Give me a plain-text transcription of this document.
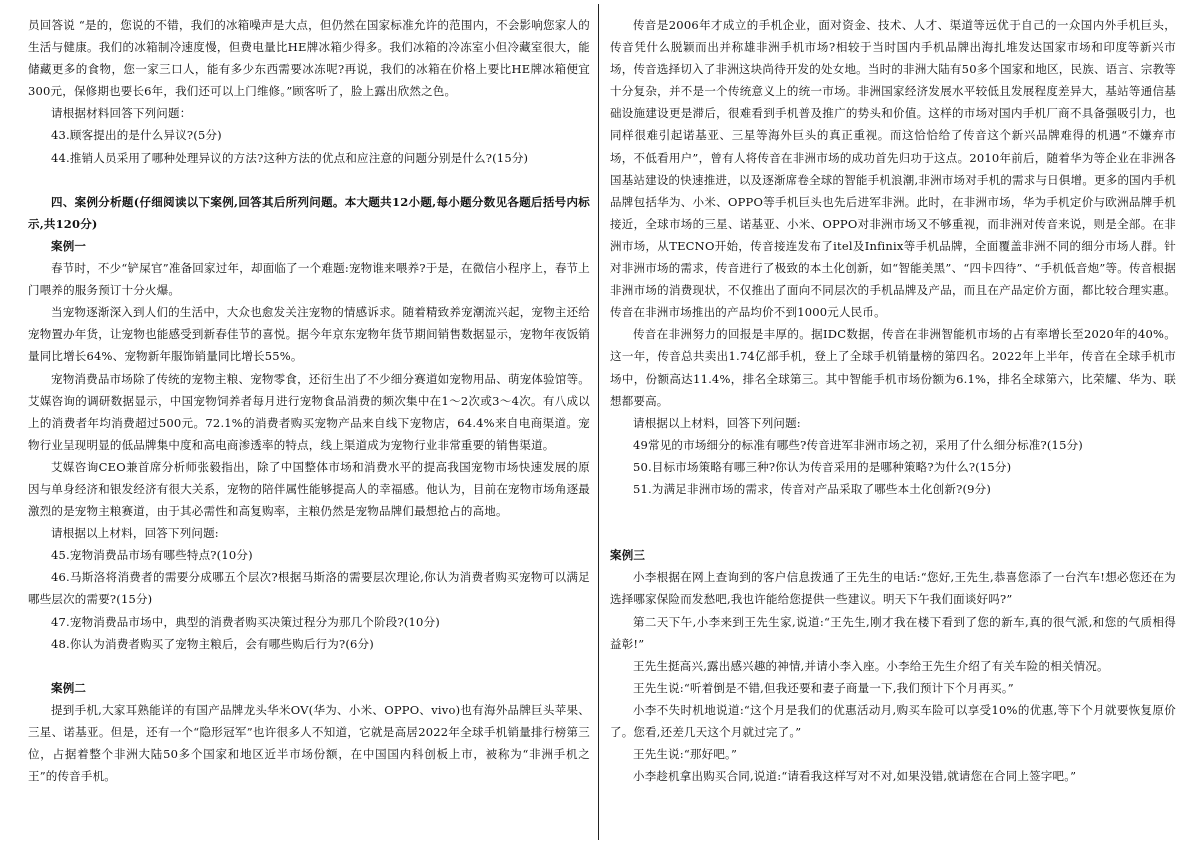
员回答说 “是的，您说的不错，我们的冰箱噪声是大点，但仍然在国家标准允许的范围内，不会影响您家人的生活与健康。我们的冰箱制冷速度慢，但费电量比HE牌冰箱少得多。我们冰箱的冷冻室小但冷藏室很大，能储藏更多的食物，您一家三口人，能有多少东西需要冰冻呢?再说，我们的冰箱在价格上要比HE牌冰箱便宜300元，保修期也要长6年，我们还可以上门维修。”顾客听了，脸上露出欣然之色。

请根据材料回答下列问题：

43.顾客提出的是什么异议?(5分)

44.推销人员采用了哪种处理异议的方法?这种方法的优点和应注意的问题分别是什么?(15分)

四、案例分析题(仔细阅读以下案例,回答其后所列问题。本大题共12小题,每小题分数见各题后括号内标示,共120分)

案例一

春节时，不少“铲屎官”准备回家过年，却面临了一个难题:宠物谁来喂养?于是，在微信小程序上，春节上门喂养的服务预订十分火爆。

当宠物逐渐深入到人们的生活中，大众也愈发关注宠物的情感诉求。随着精致养宠潮流兴起，宠物主还给宠物置办年货，让宠物也能感受到新春佳节的喜悦。据今年京东宠物年货节期间销售数据显示，宠物年夜饭销量同比增长64%、宠物新年服饰销量同比增长55%。

宠物消费品市场除了传统的宠物主粮、宠物零食，还衍生出了不少细分赛道如宠物用品、萌宠体验馆等。艾媒咨询的调研数据显示，中国宠物饲养者每月进行宠物食品消费的频次集中在1～2次或3～4次。有八成以上的消费者年均消费超过500元。72.1%的消费者购买宠物产品来自线下宠物店，64.4%来自电商渠道。宠物行业呈现明显的低品牌集中度和高电商渗透率的特点，线上渠道成为宠物行业非常重要的销售渠道。

艾媒咨询CEO兼首席分析师张毅指出，除了中国整体市场和消费水平的提高我国宠物市场快速发展的原因与单身经济和银发经济有很大关系，宠物的陪伴属性能够提高人的幸福感。他认为，目前在宠物市场角逐最激烈的是宠物主粮赛道，由于其必需性和高复购率，主粮仍然是宠物品牌们最想抢占的高地。

请根据以上材料，回答下列问题:

45.宠物消费品市场有哪些特点?(10分)

46.马斯洛将消费者的需要分成哪五个层次?根据马斯洛的需要层次理论,你认为消费者购买宠物可以满足哪些层次的需要?(15分)

47.宠物消费品市场中，典型的消费者购买决策过程分为那几个阶段?(10分)

48.你认为消费者购买了宠物主粮后，会有哪些购后行为?(6分)

案例二

提到手机,大家耳熟能详的有国产品牌龙头华米OV(华为、小米、OPPO、vivo)也有海外品牌巨头苹果、三星、诺基亚。但是，还有一个“隐形冠军”也许很多人不知道，它就是高居2022年全球手机销量排行榜第三位，占据着整个非洲大陆50多个国家和地区近半市场份额，在中国国内科创板上市，被称为“非洲手机之王”的传音手机。

传音是2006年才成立的手机企业，面对资金、技术、人才、渠道等远优于自己的一众国内外手机巨头，传音凭什么脱颖而出并称雄非洲手机市场?相较于当时国内手机品牌出海扎堆发达国家市场和印度等新兴市场，传音选择切入了非洲这块尚待开发的处女地。当时的非洲大陆有50多个国家和地区，民族、语言、宗教等十分复杂，并不是一个传统意义上的统一市场。非洲国家经济发展水平较低且发展程度差异大，基站等通信基础设施建设更是滞后，很难看到手机普及推广的势头和价值。这样的市场对国内手机厂商不具备强吸引力，也同样很难引起诺基亚、三星等海外巨头的真正重视。而这恰恰给了传音这个新兴品牌难得的机遇“不嫌弃市场，不低看用户”，曾有人将传音在非洲市场的成功首先归功于这点。2010年前后，随着华为等企业在非洲各国基站建设的快速推进，以及逐渐席卷全球的智能手机浪潮,非洲市场对手机的需求与日俱增。更多的国内手机品牌包括华为、小米、OPPO等手机巨头也先后进军非洲。此时，在非洲市场，华为手机定价与欧洲品牌手机接近，全球市场的三星、诺基亚、小米、OPPO对非洲市场又不够重视，而非洲对传音来说，则是全部。在非洲市场，从TECNO开始，传音接连发布了itel及Infinix等手机品牌，全面覆盖非洲不同的细分市场人群。针对非洲市场的需求，传音进行了极致的本土化创新，如“智能美黑”、“四卡四待”、“手机低音炮”等。传音根据非洲市场的消费现状，不仅推出了面向不同层次的手机品牌及产品，而且在产品定价方面，都比较合理实惠。传音在非洲市场推出的产品均价不到1000元人民币。

传音在非洲努力的回报是丰厚的。据IDC数据，传音在非洲智能机市场的占有率增长至2020年的40%。这一年，传音总共卖出1.74亿部手机，登上了全球手机销量榜的第四名。2022年上半年，传音在全球手机市场中，份额高达11.4%，排名全球第三。其中智能手机市场份额为6.1%，排名全球第六，比荣耀、华为、联想都要高。

请根据以上材料，回答下列问题:

49常见的市场细分的标准有哪些?传音进军非洲市场之初，采用了什么细分标准?(15分)

50.目标市场策略有哪三种?你认为传音采用的是哪种策略?为什么?(15分)

51.为满足非洲市场的需求，传音对产品采取了哪些本土化创新?(9分)

案例三

小李根据在网上查询到的客户信息拨通了王先生的电话:“您好,王先生,恭喜您添了一台汽车!想必您还在为选择哪家保险而发愁吧,我也许能给您提供一些建议。明天下午我们面谈好吗?”

第二天下午,小李来到王先生家,说道:“王先生,刚才我在楼下看到了您的新车,真的很气派,和您的气质相得益彰!”

王先生挺高兴,露出感兴趣的神情,并请小李入座。小李给王先生介绍了有关车险的相关情况。

王先生说:“听着倒是不错,但我还要和妻子商量一下,我们预计下个月再买。”

小李不失时机地说道:“这个月是我们的优惠活动月,购买车险可以享受10%的优惠,等下个月就要恢复原价了。您看,还差几天这个月就过完了。”

王先生说:“那好吧。”

小李趁机拿出购买合同,说道:“请看我这样写对不对,如果没错,就请您在合同上签字吧。”
